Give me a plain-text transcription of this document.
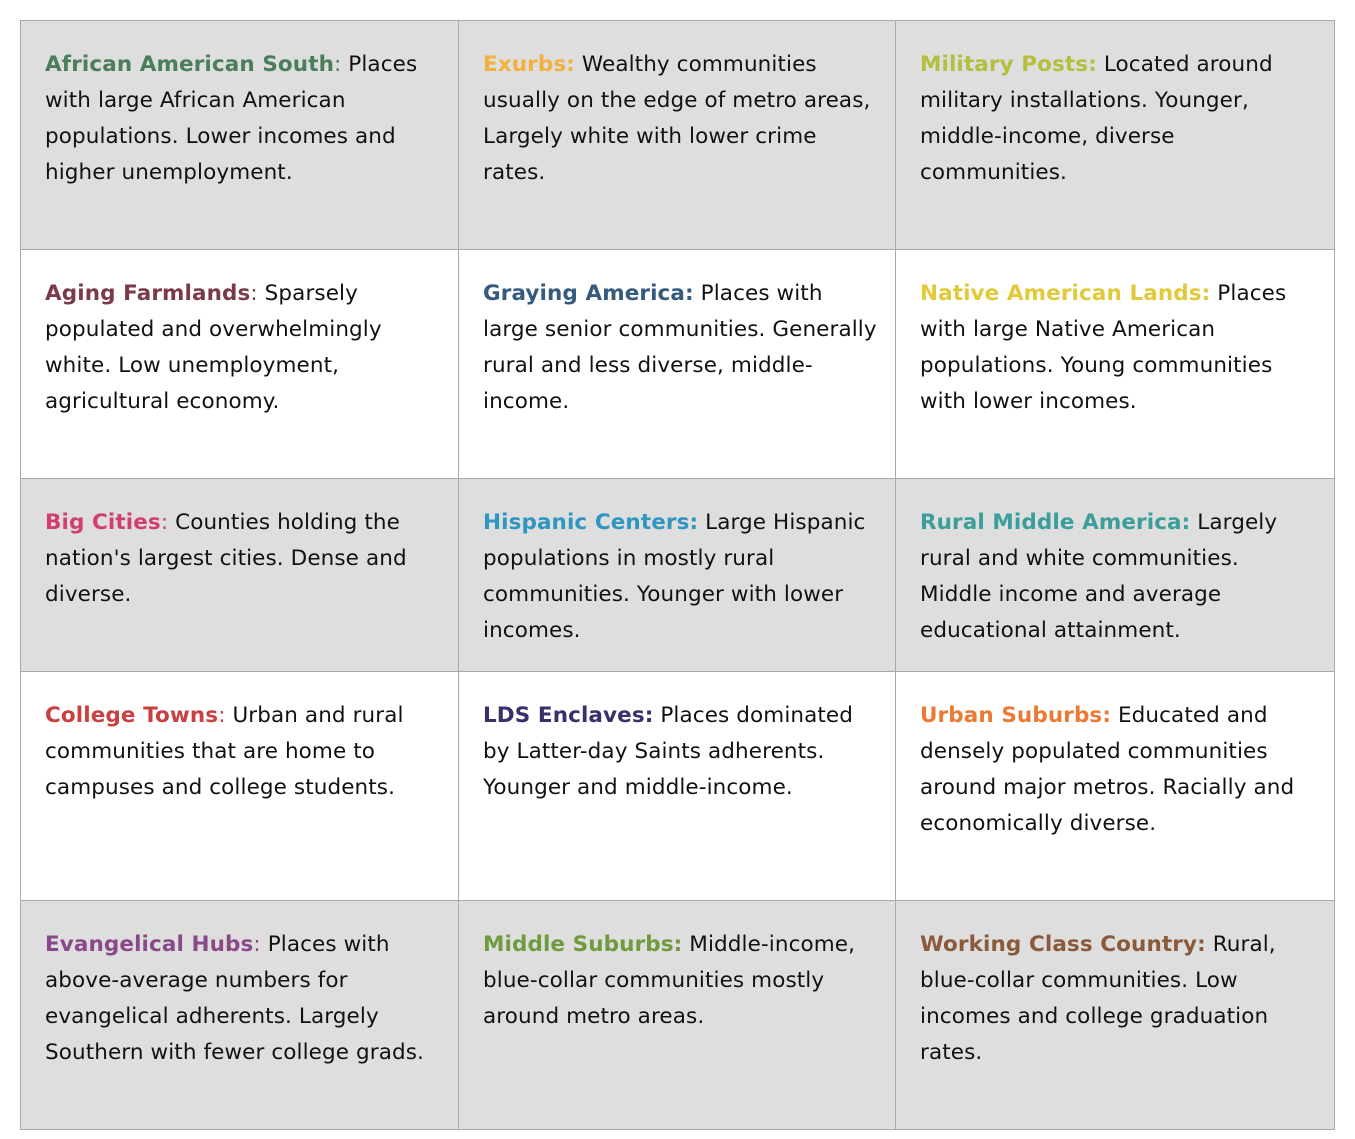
African American South: Places with large African American populations. Lower incomes and higher unemployment.	Exurbs: Wealthy communities usually on the edge of metro areas, Largely white with lower crime rates.	Military Posts: Located around military installations. Younger, middle-income, diverse communities.
Aging Farmlands: Sparsely populated and overwhelmingly white. Low unemployment, agricultural economy.	Graying America: Places with large senior communities. Generally rural and less diverse, middle-income.	Native American Lands: Places with large Native American populations. Young communities with lower incomes.
Big Cities: Counties holding the nation's largest cities. Dense and diverse.	Hispanic Centers: Large Hispanic populations in mostly rural communities. Younger with lower incomes.	Rural Middle America: Largely rural and white communities. Middle income and average educational attainment.
College Towns: Urban and rural communities that are home to campuses and college students.	LDS Enclaves: Places dominated by Latter-day Saints adherents. Younger and middle-income.	Urban Suburbs: Educated and densely populated communities around major metros. Racially and economically diverse.
Evangelical Hubs: Places with above-average numbers for evangelical adherents. Largely Southern with fewer college grads.	Middle Suburbs: Middle-income, blue-collar communities mostly around metro areas.	Working Class Country: Rural, blue-collar communities. Low incomes and college graduation rates.
